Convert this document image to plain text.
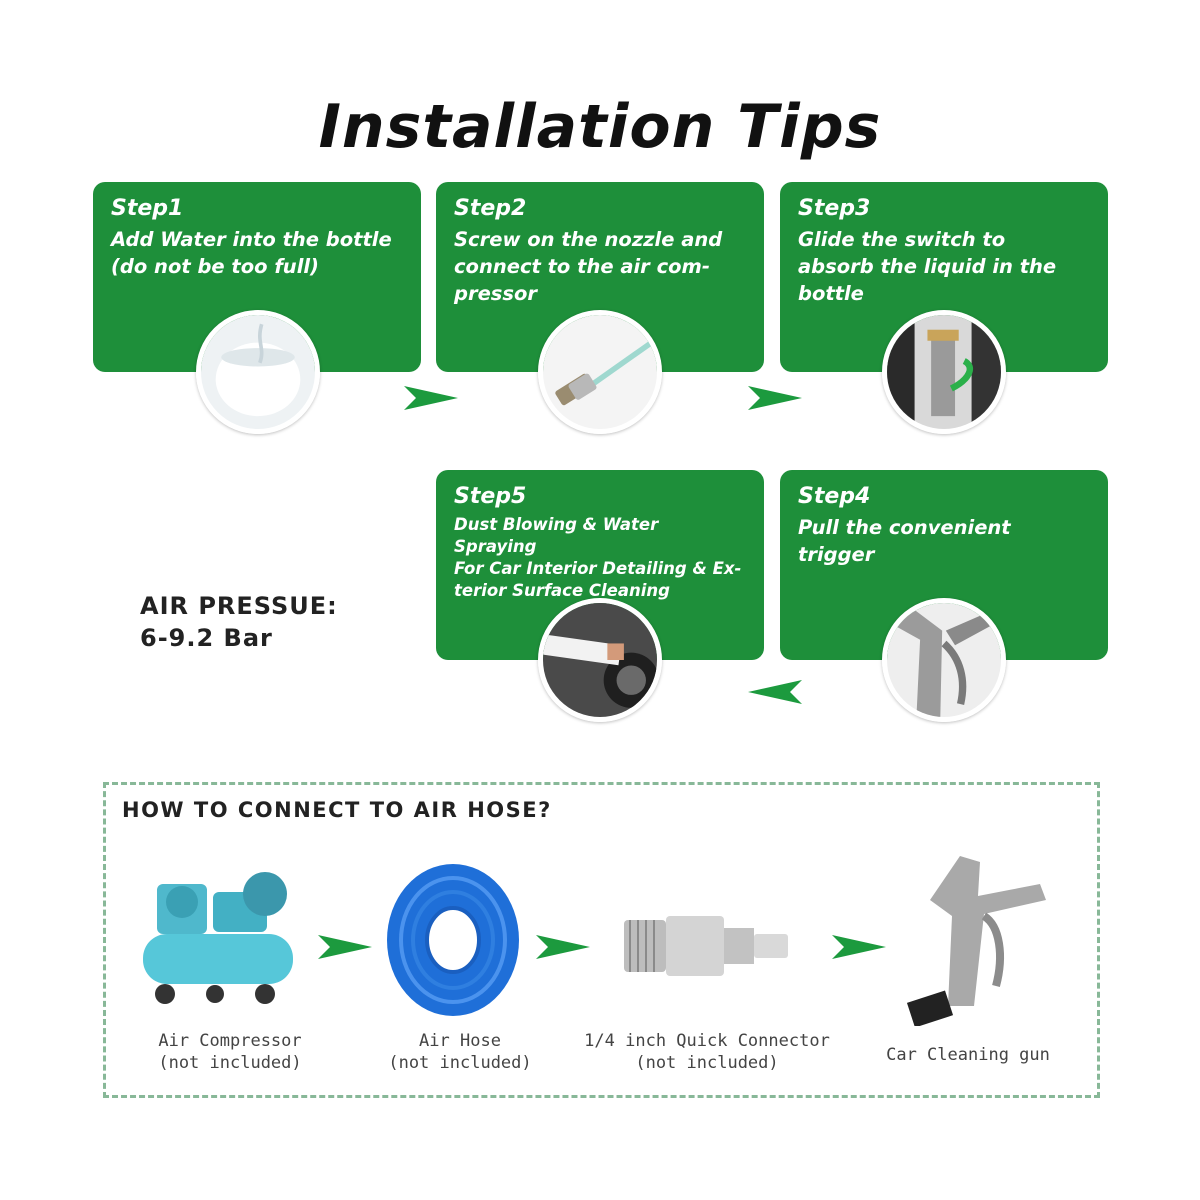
Installation Tips
Step1
Add Water into the bottle
(do not be too full)
Step2
Screw on the nozzle and
connect to the air com-
pressor
Step3
Glide the switch to
absorb the liquid in the
bottle
Step5
Dust Blowing & Water Spraying
For Car Interior Detailing & Ex-
terior Surface Cleaning
Step4
Pull the convenient
trigger
AIR PRESSUE:
6-9.2 Bar
HOW TO CONNECT TO AIR HOSE?
Air Compressor
(not included)
Air Hose
(not included)
1/4 inch Quick Connector
(not included)	Car Cleaning gun
